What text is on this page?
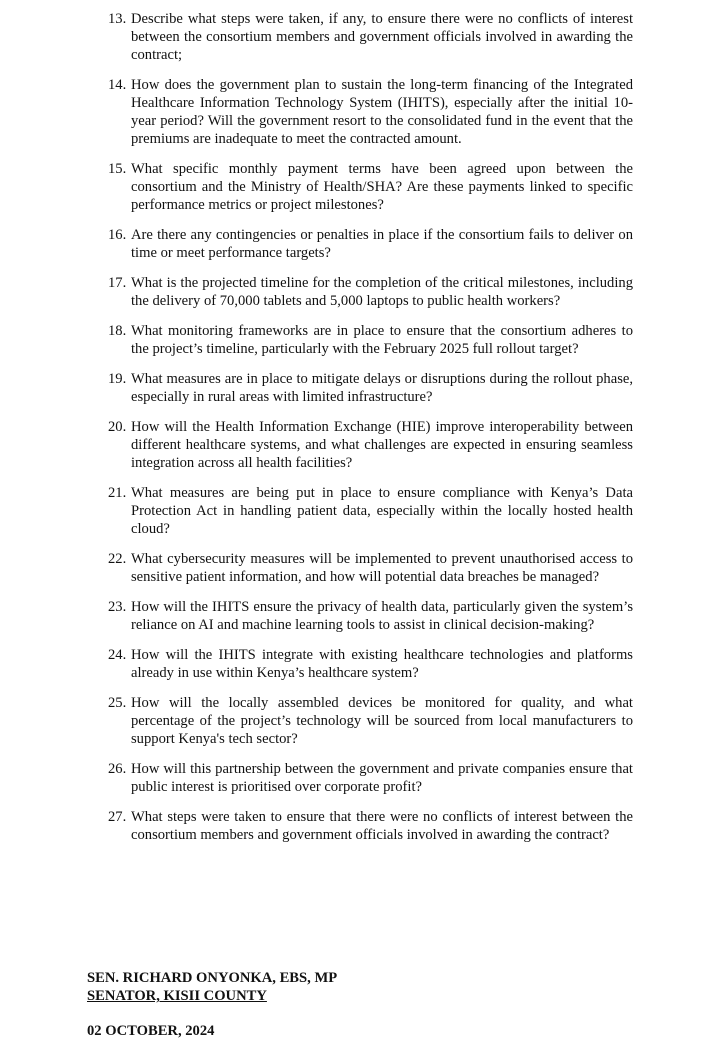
13. Describe what steps were taken, if any, to ensure there were no conflicts of interest between the consortium members and government officials involved in awarding the contract;
14. How does the government plan to sustain the long-term financing of the Integrated Healthcare Information Technology System (IHITS), especially after the initial 10-year period? Will the government resort to the consolidated fund in the event that the premiums are inadequate to meet the contracted amount.
15. What specific monthly payment terms have been agreed upon between the consortium and the Ministry of Health/SHA? Are these payments linked to specific performance metrics or project milestones?
16. Are there any contingencies or penalties in place if the consortium fails to deliver on time or meet performance targets?
17. What is the projected timeline for the completion of the critical milestones, including the delivery of 70,000 tablets and 5,000 laptops to public health workers?
18. What monitoring frameworks are in place to ensure that the consortium adheres to the project’s timeline, particularly with the February 2025 full rollout target?
19. What measures are in place to mitigate delays or disruptions during the rollout phase, especially in rural areas with limited infrastructure?
20. How will the Health Information Exchange (HIE) improve interoperability between different healthcare systems, and what challenges are expected in ensuring seamless integration across all health facilities?
21. What measures are being put in place to ensure compliance with Kenya’s Data Protection Act in handling patient data, especially within the locally hosted health cloud?
22. What cybersecurity measures will be implemented to prevent unauthorised access to sensitive patient information, and how will potential data breaches be managed?
23. How will the IHITS ensure the privacy of health data, particularly given the system’s reliance on AI and machine learning tools to assist in clinical decision-making?
24. How will the IHITS integrate with existing healthcare technologies and platforms already in use within Kenya’s healthcare system?
25. How will the locally assembled devices be monitored for quality, and what percentage of the project’s technology will be sourced from local manufacturers to support Kenya's tech sector?
26. How will this partnership between the government and private companies ensure that public interest is prioritised over corporate profit?
27. What steps were taken to ensure that there were no conflicts of interest between the consortium members and government officials involved in awarding the contract?
SEN. RICHARD ONYONKA, EBS, MP
SENATOR, KISII COUNTY
02 OCTOBER, 2024
